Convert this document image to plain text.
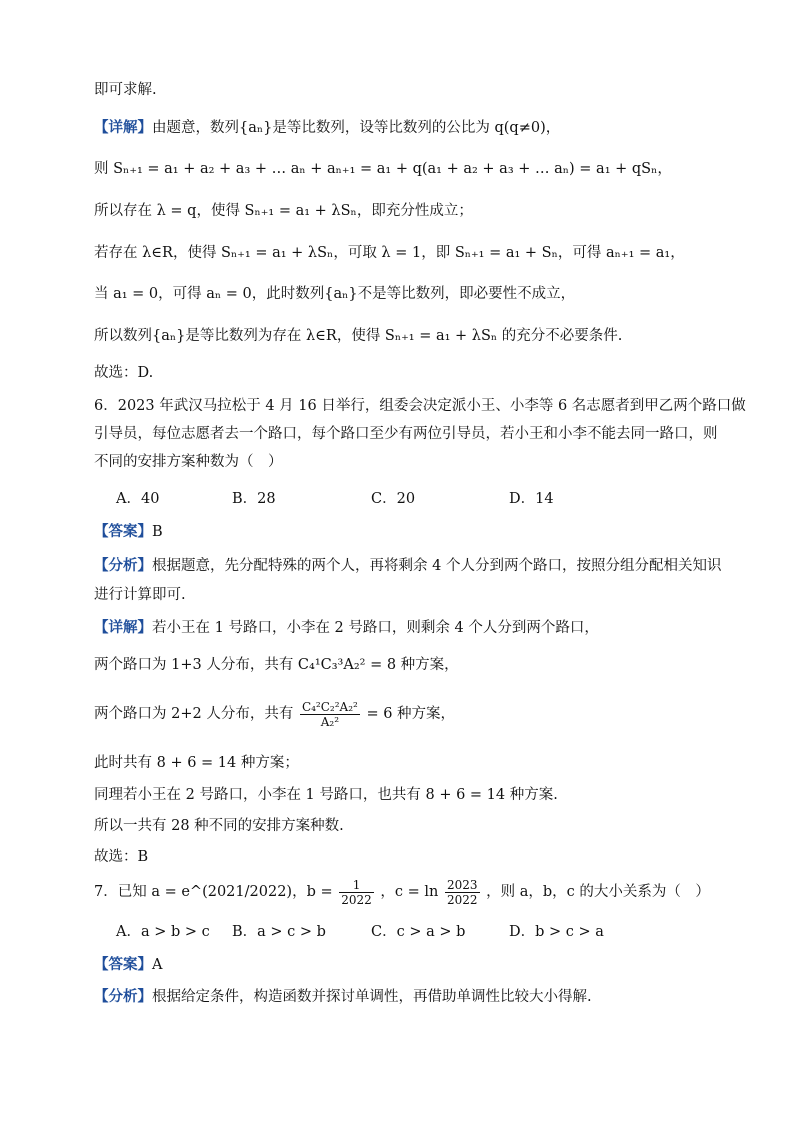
即可求解.
【详解】由题意，数列{aₙ}是等比数列，设等比数列的公比为 q(q≠0)，
则 Sₙ₊₁ = a₁ + a₂ + a₃ + … aₙ + aₙ₊₁ = a₁ + q(a₁ + a₂ + a₃ + … aₙ) = a₁ + qSₙ，
所以存在 λ = q，使得 Sₙ₊₁ = a₁ + λSₙ，即充分性成立；
若存在 λ∈R，使得 Sₙ₊₁ = a₁ + λSₙ，可取 λ = 1，即 Sₙ₊₁ = a₁ + Sₙ，可得 aₙ₊₁ = a₁，
当 a₁ = 0，可得 aₙ = 0，此时数列{aₙ}不是等比数列，即必要性不成立，
所以数列{aₙ}是等比数列为存在 λ∈R，使得 Sₙ₊₁ = a₁ + λSₙ 的充分不必要条件.
故选：D.
6．2023 年武汉马拉松于 4 月 16 日举行，组委会决定派小王、小李等 6 名志愿者到甲乙两个路口做
引导员，每位志愿者去一个路口，每个路口至少有两位引导员，若小王和小李不能去同一路口，则
不同的安排方案种数为（　）
A．40	B．28	C．20	D．14
【答案】B
【分析】根据题意，先分配特殊的两个人，再将剩余 4 个人分到两个路口，按照分组分配相关知识
进行计算即可.
【详解】若小王在 1 号路口，小李在 2 号路口，则剩余 4 个人分到两个路口，
两个路口为 1+3 人分布，共有 C₄¹C₃³A₂² = 8 种方案，
两个路口为 2+2 人分布，共有 $\frac{\text{C₄²C₂²A₂²}}{\text{A₂²}} = 6$ 种方案，
此时共有 8 + 6 = 14 种方案；
同理若小王在 2 号路口，小李在 1 号路口，也共有 8 + 6 = 14 种方案.
所以一共有 28 种不同的安排方案种数.
故选：B
7．已知 a = e^(2021/2022)，$b = \frac{1}{2022}$ ，$c = \ln \frac{2023}{2022}$ ，则 a，b，c 的大小关系为（　）
A．a > b > c B．a > c > b	C．c > a > b	D．b > c > a
【答案】A
【分析】根据给定条件，构造函数并探讨单调性，再借助单调性比较大小得解.
